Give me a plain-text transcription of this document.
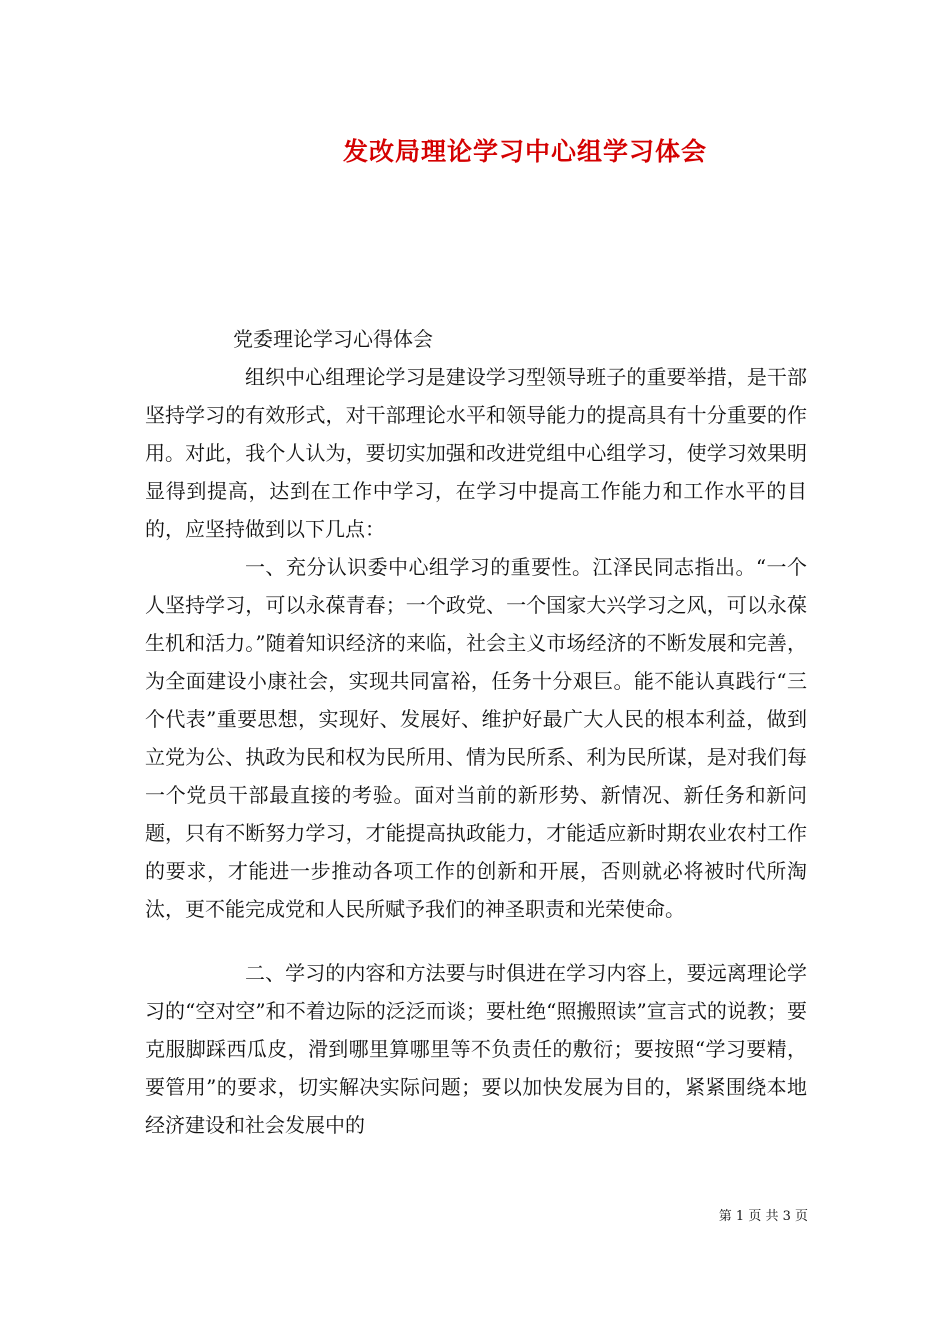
发改局理论学习中心组学习体会

党委理论学习心得体会

组织中心组理论学习是建设学习型领导班子的重要举措，是干部坚持学习的有效形式，对干部理论水平和领导能力的提高具有十分重要的作用。对此，我个人认为，要切实加强和改进党组中心组学习，使学习效果明显得到提高，达到在工作中学习，在学习中提高工作能力和工作水平的目的，应坚持做到以下几点：

一、充分认识委中心组学习的重要性。江泽民同志指出。“一个人坚持学习，可以永葆青春；一个政党、一个国家大兴学习之风，可以永葆生机和活力。”随着知识经济的来临，社会主义市场经济的不断发展和完善，为全面建设小康社会，实现共同富裕，任务十分艰巨。能不能认真践行“三个代表”重要思想，实现好、发展好、维护好最广大人民的根本利益，做到立党为公、执政为民和权为民所用、情为民所系、利为民所谋，是对我们每一个党员干部最直接的考验。面对当前的新形势、新情况、新任务和新问题，只有不断努力学习，才能提高执政能力，才能适应新时期农业农村工作的要求，才能进一步推动各项工作的创新和开展，否则就必将被时代所淘汰，更不能完成党和人民所赋予我们的神圣职责和光荣使命。

二、学习的内容和方法要与时俱进在学习内容上，要远离理论学习的“空对空”和不着边际的泛泛而谈；要杜绝“照搬照读”宣言式的说教；要克服脚踩西瓜皮，滑到哪里算哪里等不负责任的敷衍；要按照“学习要精，要管用”的要求，切实解决实际问题；要以加快发展为目的，紧紧围绕本地经济建设和社会发展中的

第 1 页 共 3 页
